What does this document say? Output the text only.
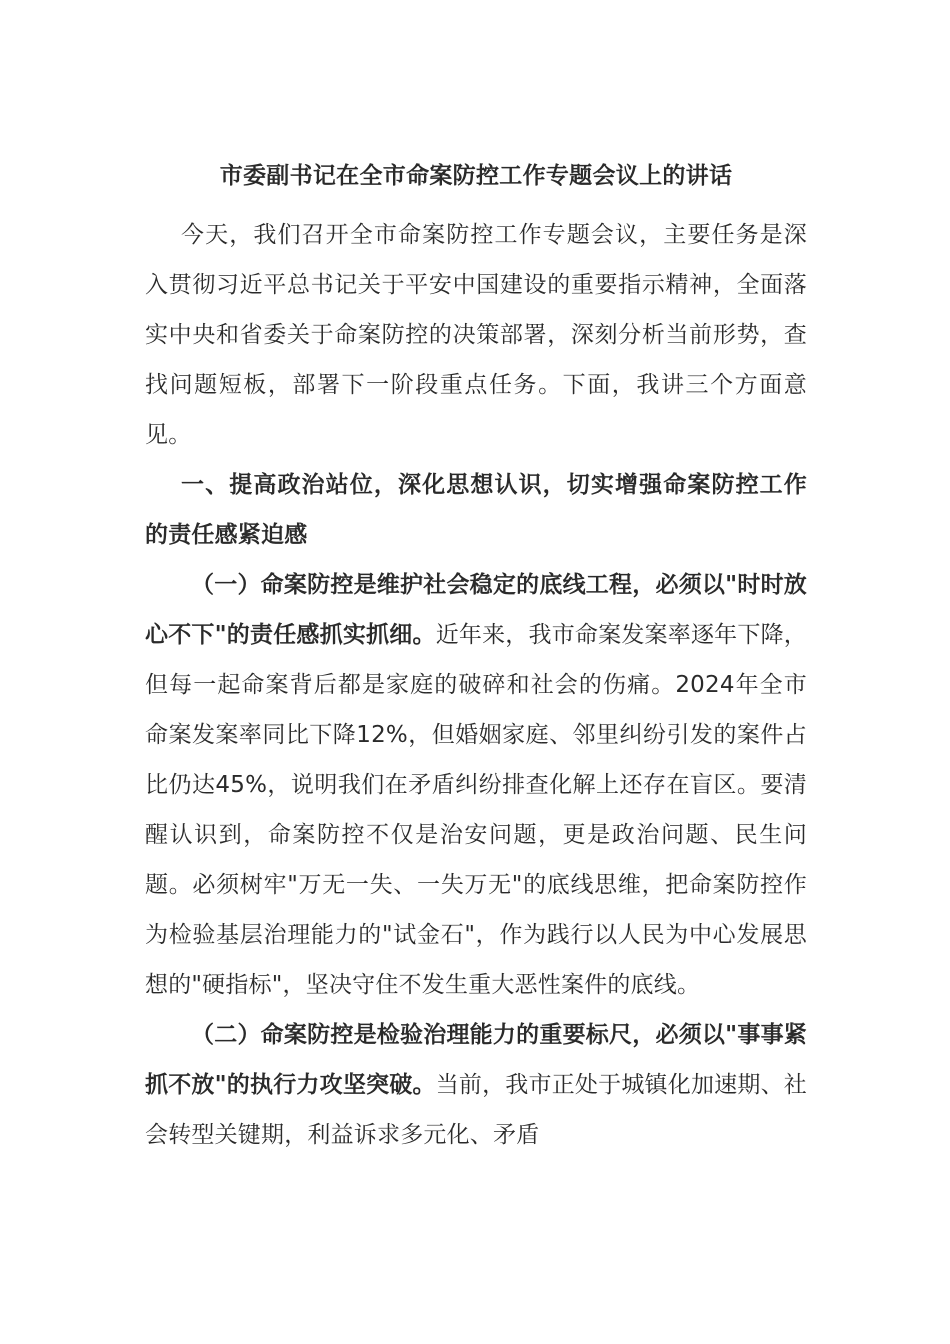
市委副书记在全市命案防控工作专题会议上的讲话

今天，我们召开全市命案防控工作专题会议，主要任务是深入贯彻习近平总书记关于平安中国建设的重要指示精神，全面落实中央和省委关于命案防控的决策部署，深刻分析当前形势，查找问题短板，部署下一阶段重点任务。下面，我讲三个方面意见。

一、提高政治站位，深化思想认识，切实增强命案防控工作的责任感紧迫感

（一）命案防控是维护社会稳定的底线工程，必须以"时时放心不下"的责任感抓实抓细。近年来，我市命案发案率逐年下降，但每一起命案背后都是家庭的破碎和社会的伤痛。2024年全市命案发案率同比下降12%，但婚姻家庭、邻里纠纷引发的案件占比仍达45%，说明我们在矛盾纠纷排查化解上还存在盲区。要清醒认识到，命案防控不仅是治安问题，更是政治问题、民生问题。必须树牢"万无一失、一失万无"的底线思维，把命案防控作为检验基层治理能力的"试金石"，作为践行以人民为中心发展思想的"硬指标"，坚决守住不发生重大恶性案件的底线。

（二）命案防控是检验治理能力的重要标尺，必须以"事事紧抓不放"的执行力攻坚突破。当前，我市正处于城镇化加速期、社会转型关键期，利益诉求多元化、矛盾
